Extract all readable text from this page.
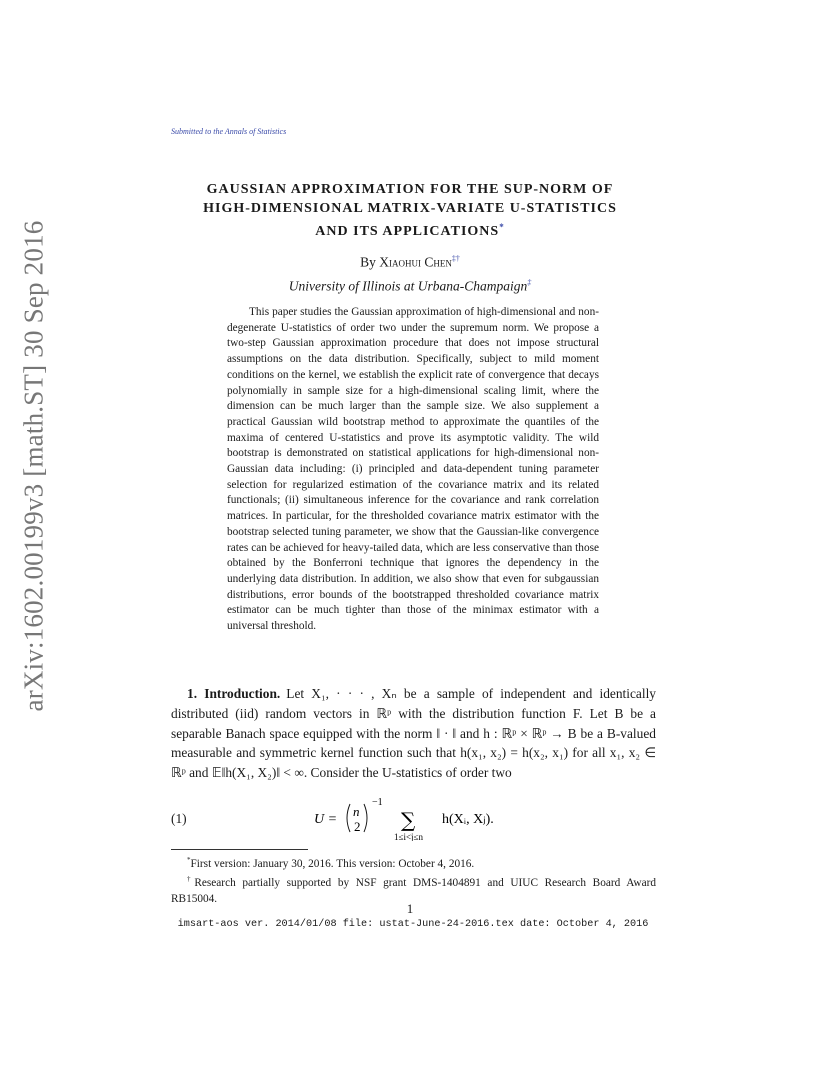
arXiv:1602.00199v3 [math.ST] 30 Sep 2016
Submitted to the Annals of Statistics
GAUSSIAN APPROXIMATION FOR THE SUP-NORM OF
HIGH-DIMENSIONAL MATRIX-VARIATE U-STATISTICS
AND ITS APPLICATIONS*
By Xiaohui Chen‡†
University of Illinois at Urbana-Champaign‡
This paper studies the Gaussian approximation of high-dimensional and non-degenerate U-statistics of order two under the supremum norm. We propose a two-step Gaussian approximation procedure that does not impose structural assumptions on the data distribution. Specifically, subject to mild moment conditions on the kernel, we establish the explicit rate of convergence that decays polynomially in sample size for a high-dimensional scaling limit, where the dimension can be much larger than the sample size. We also supplement a practical Gaussian wild bootstrap method to approximate the quantiles of the maxima of centered U-statistics and prove its asymptotic validity. The wild bootstrap is demonstrated on statistical applications for high-dimensional non-Gaussian data including: (i) principled and data-dependent tuning parameter selection for regularized estimation of the covariance matrix and its related functionals; (ii) simultaneous inference for the covariance and rank correlation matrices. In particular, for the thresholded covariance matrix estimator with the bootstrap selected tuning parameter, we show that the Gaussian-like convergence rates can be achieved for heavy-tailed data, which are less conservative than those obtained by the Bonferroni technique that ignores the dependency in the underlying data distribution. In addition, we also show that even for subgaussian distributions, error bounds of the bootstrapped thresholded covariance matrix estimator can be much tighter than those of the minimax estimator with a universal threshold.
1. Introduction. Let X₁, · · · , Xₙ be a sample of independent and identically distributed (iid) random vectors in ℝᵖ with the distribution function F. Let B be a separable Banach space equipped with the norm ‖ · ‖ and h : ℝᵖ × ℝᵖ → B be a B-valued measurable and symmetric kernel function such that h(x₁, x₂) = h(x₂, x₁) for all x₁, x₂ ∈ ℝᵖ and 𝔼‖h(X₁, X₂)‖ < ∞. Consider the U-statistics of order two
(1)	U =
n
2
−1
∑
1≤i<j≤n
h(Xᵢ, Xⱼ).

*First version: January 30, 2016. This version: October 4, 2016.

†Research partially supported by NSF grant DMS-1404891 and UIUC Research Board Award RB15004.

1
imsart-aos ver. 2014/01/08 file: ustat-June-24-2016.tex date: October 4, 2016
